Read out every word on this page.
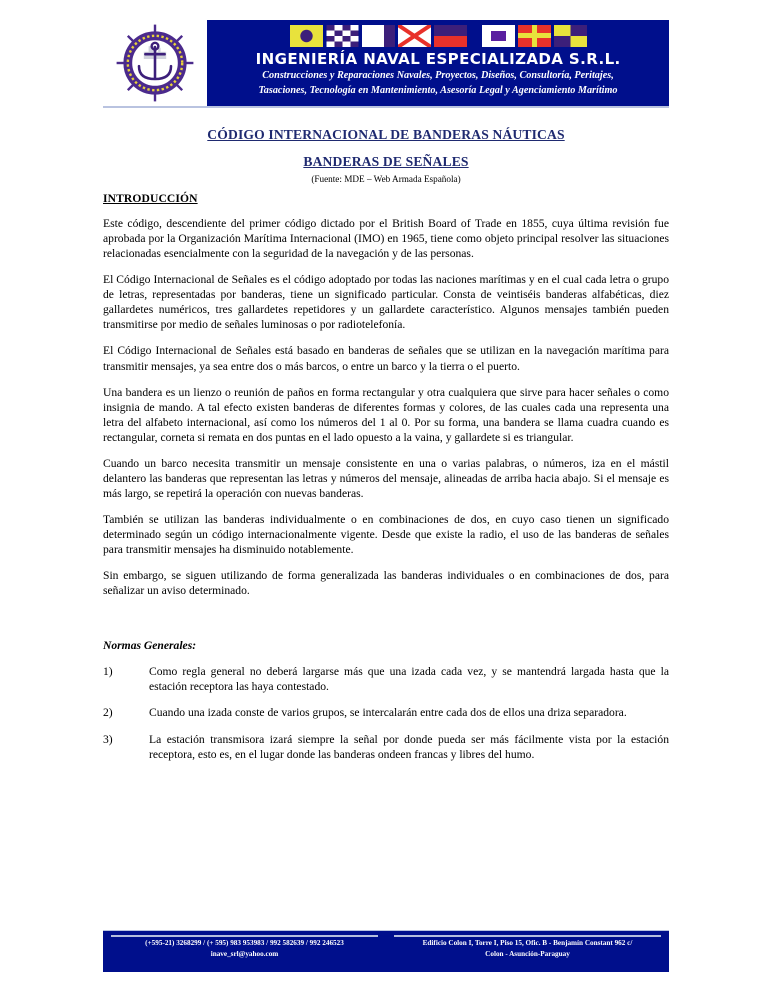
INGENIERÍA NAVAL ESPECIALIZADA S.R.L.
Construcciones y Reparaciones Navales, Proyectos, Diseños, Consultoría, Peritajes,
Tasaciones, Tecnología en Mantenimiento, Asesoría Legal y Agenciamiento Marítimo
CÓDIGO INTERNACIONAL DE BANDERAS NÁUTICAS
BANDERAS DE SEÑALES
(Fuente: MDE – Web Armada Española)
INTRODUCCIÓN

Este código, descendiente del primer código dictado por el British Board of Trade en 1855, cuya última revisión fue aprobada por la Organización Marítima Internacional (IMO) en 1965, tiene como objeto principal resolver las situaciones relacionadas esencialmente con la seguridad de la navegación y de las personas.

El Código Internacional de Señales es el código adoptado por todas las naciones marítimas y en el cual cada letra o grupo de letras, representadas por banderas, tiene un significado particular. Consta de veintiséis banderas alfabéticas, diez gallardetes numéricos, tres gallardetes repetidores y un gallardete característico. Algunos mensajes también pueden transmitirse por medio de señales luminosas o por radiotelefonía.

El Código Internacional de Señales está basado en banderas de señales que se utilizan en la navegación marítima para transmitir mensajes, ya sea entre dos o más barcos, o entre un barco y la tierra o el puerto.

Una bandera es un lienzo o reunión de paños en forma rectangular y otra cualquiera que sirve para hacer señales o como insignia de mando. A tal efecto existen banderas de diferentes formas y colores, de las cuales cada una representa una letra del alfabeto internacional, así como los números del 1 al 0. Por su forma, una bandera se llama cuadra cuando es rectangular, corneta si remata en dos puntas en el lado opuesto a la vaina, y gallardete si es triangular.

Cuando un barco necesita transmitir un mensaje consistente en una o varias palabras, o números, iza en el mástil delantero las banderas que representan las letras y números del mensaje, alineadas de arriba hacia abajo. Si el mensaje es más largo, se repetirá la operación con nuevas banderas.

También se utilizan las banderas individualmente o en combinaciones de dos, en cuyo caso tienen un significado determinado según un código internacionalmente vigente. Desde que existe la radio, el uso de las banderas de señales para transmitir mensajes ha disminuido notablemente.

Sin embargo, se siguen utilizando de forma generalizada las banderas individuales o en combinaciones de dos, para señalizar un aviso determinado.

Normas Generales:
1)	Como regla general no deberá largarse más que una izada cada vez, y se mantendrá largada hasta que la estación receptora las haya contestado.
2)	Cuando una izada conste de varios grupos, se intercalarán entre cada dos de ellos una driza separadora.
3)	La estación transmisora izará siempre la señal por donde pueda ser más fácilmente vista por la estación receptora, esto es, en el lugar donde las banderas ondeen francas y libres del humo.
(+595-21) 3268299 / (+ 595) 983 953983 / 992 582639 / 992 246523
inave_srl@yahoo.com
Edificio Colon I, Torre I, Piso 15, Ofic. B - Benjamín Constant 962 c/
Colon - Asunción-Paraguay
